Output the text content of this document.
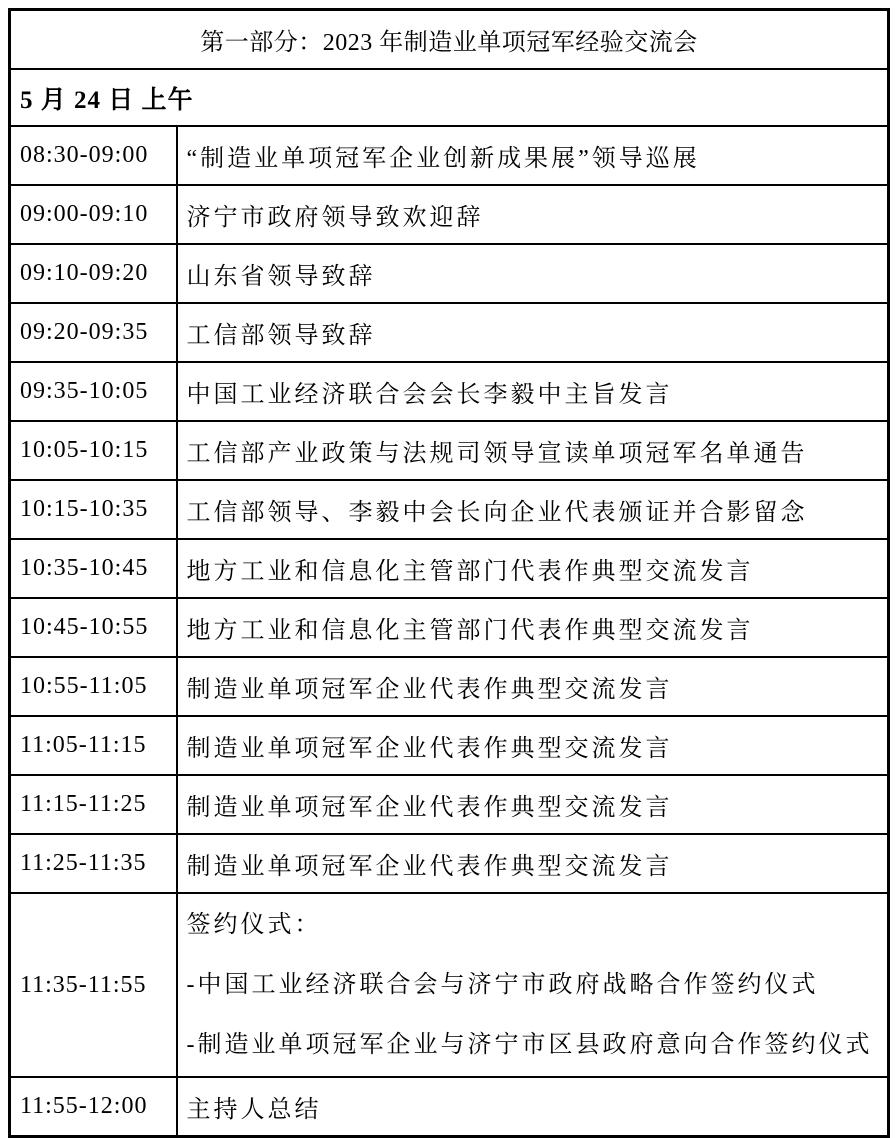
第一部分：2023 年制造业单项冠军经验交流会	
5 月 24 日 上午	
08:30-09:00	“制造业单项冠军企业创新成果展”领导巡展

09:00-09:10	济宁市政府领导致欢迎辞

09:10-09:20	山东省领导致辞

09:20-09:35	工信部领导致辞

09:35-10:05	中国工业经济联合会会长李毅中主旨发言

10:05-10:15	工信部产业政策与法规司领导宣读单项冠军名单通告

10:15-10:35	工信部领导、李毅中会长向企业代表颁证并合影留念

10:35-10:45	地方工业和信息化主管部门代表作典型交流发言

10:45-10:55	地方工业和信息化主管部门代表作典型交流发言

10:55-11:05	制造业单项冠军企业代表作典型交流发言

11:05-11:15	制造业单项冠军企业代表作典型交流发言

11:15-11:25	制造业单项冠军企业代表作典型交流发言

11:25-11:35	制造业单项冠军企业代表作典型交流发言

11:35-11:55	签约仪式：
-中国工业经济联合会与济宁市政府战略合作签约仪式
-制造业单项冠军企业与济宁市区县政府意向合作签约仪式

11:55-12:00	主持人总结
